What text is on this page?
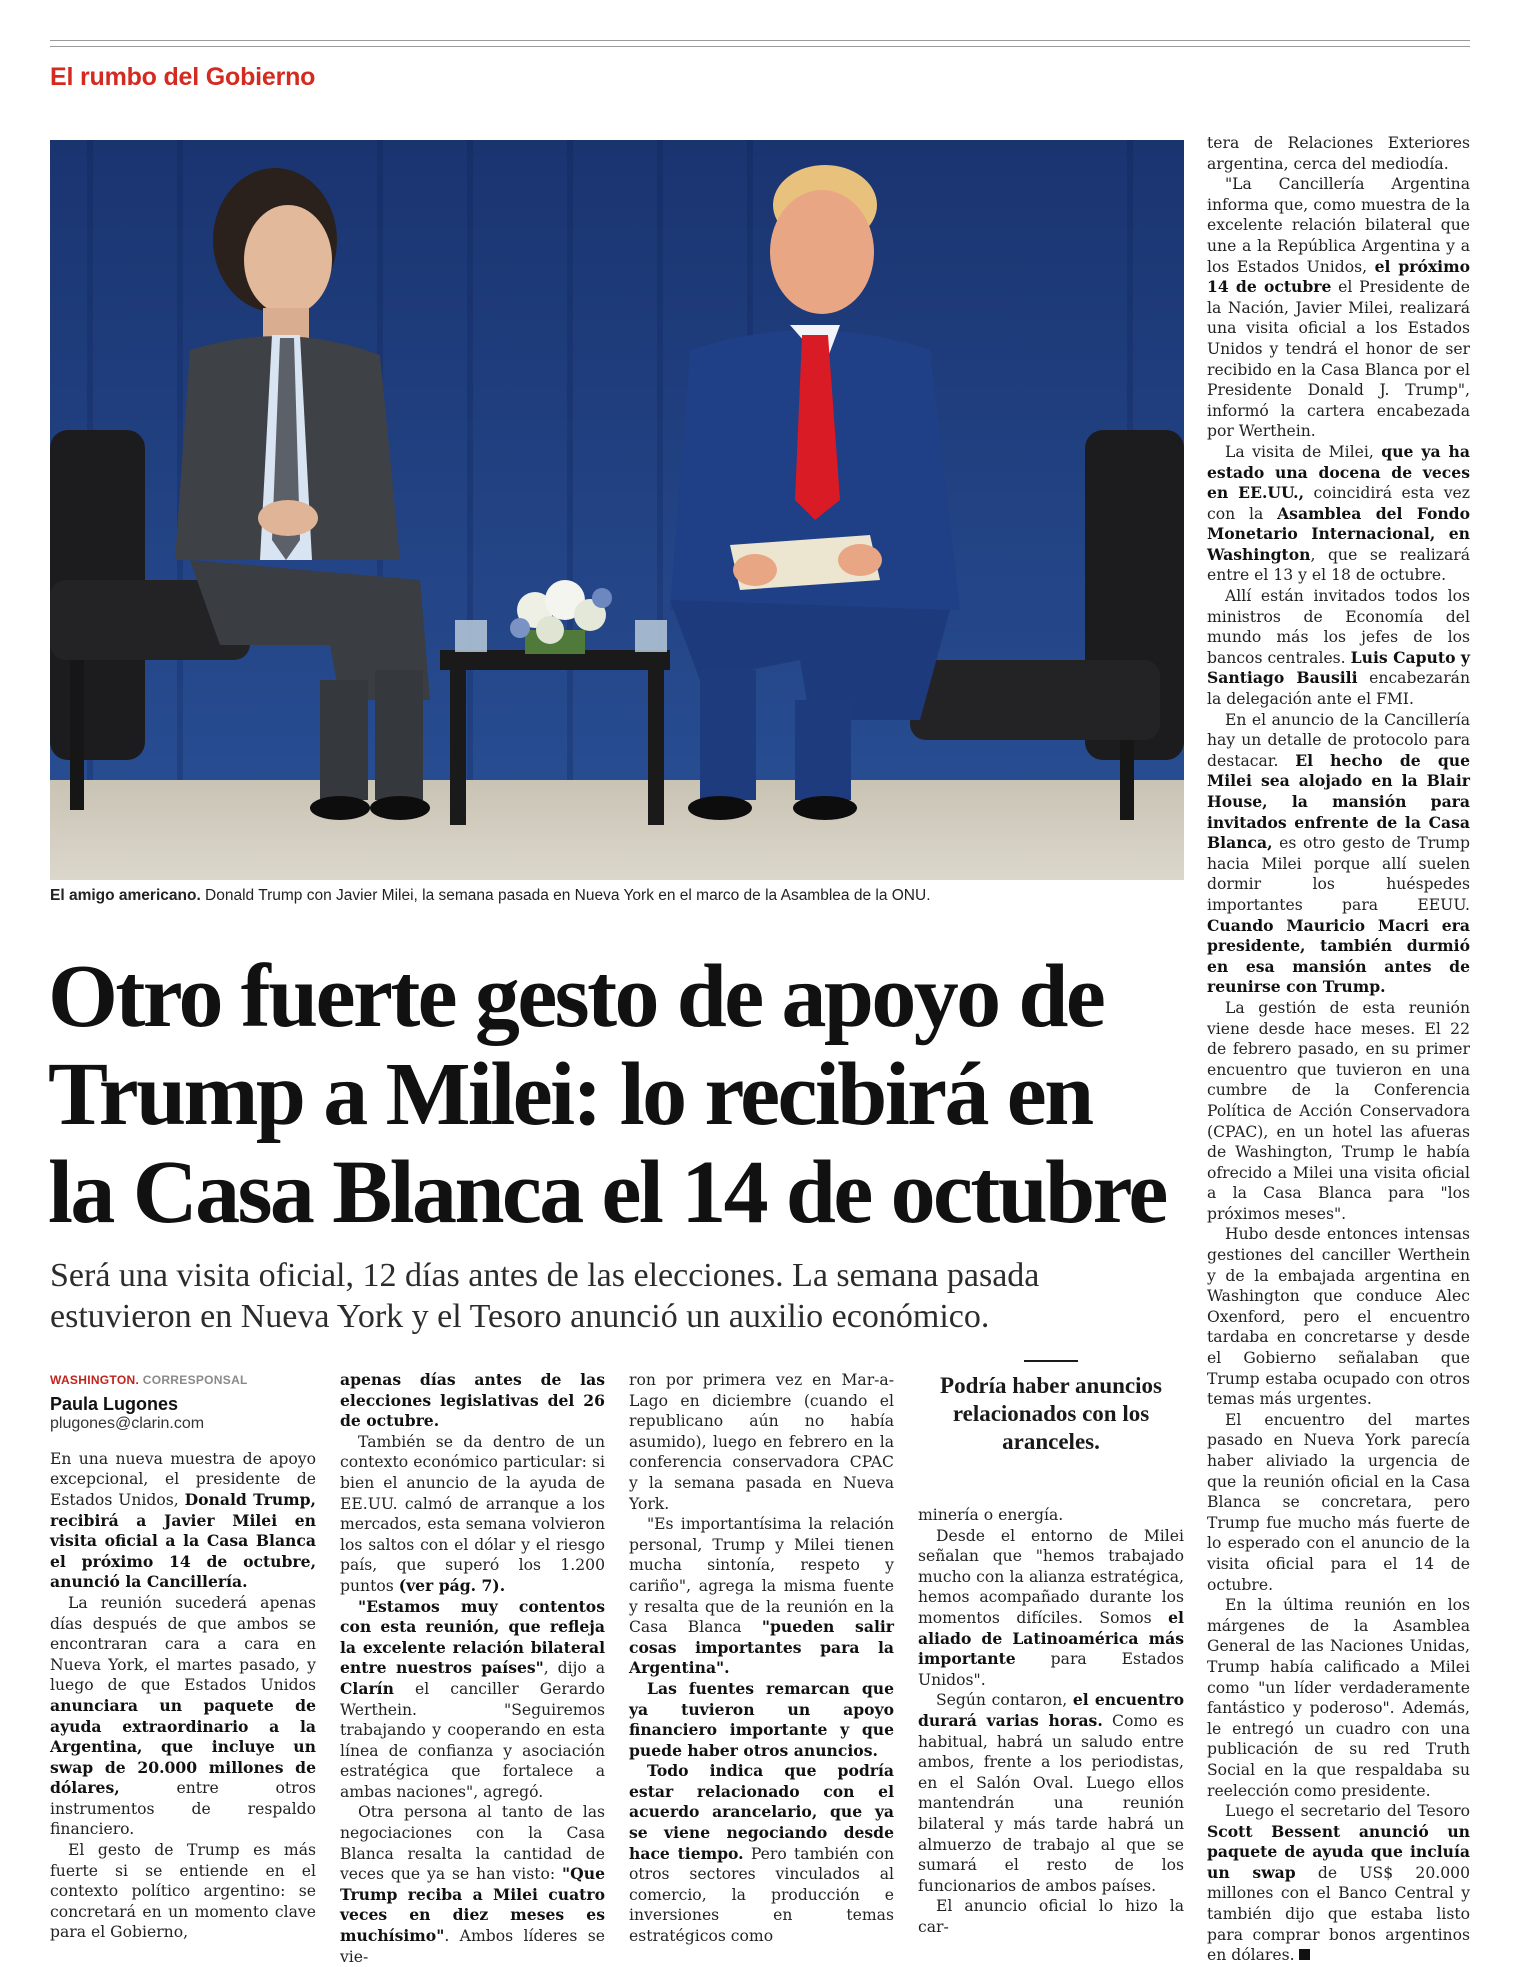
El rumbo del Gobierno
El amigo americano. Donald Trump con Javier Milei, la semana pasada en Nueva York en el marco de la Asamblea de la ONU.
Otro fuerte gesto de apoyo de
Trump a Milei: lo recibirá en
la Casa Blanca el 14 de octubre
Será una visita oficial, 12 días antes de las elecciones. La semana pasada
estuvieron en Nueva York y el Tesoro anunció un auxilio económico.
WASHINGTON. CORRESPONSAL
Paula Lugones
plugones@clarin.com

En una nueva muestra de apoyo excepcional, el presidente de Estados Unidos, Donald Trump, recibirá a Javier Milei en visita oficial a la Casa Blanca el próximo 14 de octubre, anunció la Cancillería.

La reunión sucederá apenas días después de que ambos se encontraran cara a cara en Nueva York, el martes pasado, y luego de que Estados Unidos anunciara un paquete de ayuda extraordinario a la Argentina, que incluye un swap de 20.000 millones de dólares, entre otros instrumentos de respaldo financiero.

El gesto de Trump es más fuerte si se entiende en el contexto político argentino: se concretará en un momento clave para el Gobierno,

apenas días antes de las elecciones legislativas del 26 de octubre.

También se da dentro de un contexto económico particular: si bien el anuncio de la ayuda de EE.UU. calmó de arranque a los mercados, esta semana volvieron los saltos con el dólar y el riesgo país, que superó los 1.200 puntos (ver pág. 7).

"Estamos muy contentos con esta reunión, que refleja la excelente relación bilateral entre nuestros países", dijo a Clarín el canciller Gerardo Werthein. "Seguiremos trabajando y cooperando en esta línea de confianza y asociación estratégica que fortalece a ambas naciones", agregó.

Otra persona al tanto de las negociaciones con la Casa Blanca resalta la cantidad de veces que ya se han visto: "Que Trump reciba a Milei cuatro veces en diez meses es muchísimo". Ambos líderes se vie-

ron por primera vez en Mar-a-Lago en diciembre (cuando el republicano aún no había asumido), luego en febrero en la conferencia conservadora CPAC y la semana pasada en Nueva York.

"Es importantísima la relación personal, Trump y Milei tienen mucha sintonía, respeto y cariño", agrega la misma fuente y resalta que de la reunión en la Casa Blanca "pueden salir cosas importantes para la Argentina".

Las fuentes remarcan que ya tuvieron un apoyo financiero importante y que puede haber otros anuncios.

Todo indica que podría estar relacionado con el acuerdo arancelario, que ya se viene negociando desde hace tiempo. Pero también con otros sectores vinculados al comercio, la producción e inversiones en temas estratégicos como

Podría haber anuncios relacionados con los aranceles.

minería o energía.

Desde el entorno de Milei señalan que "hemos trabajado mucho con la alianza estratégica, hemos acompañado durante los momentos difíciles. Somos el aliado de Latinoamérica más importante para Estados Unidos".

Según contaron, el encuentro durará varias horas. Como es habitual, habrá un saludo entre ambos, frente a los periodistas, en el Salón Oval. Luego ellos mantendrán una reunión bilateral y más tarde habrá un almuerzo de trabajo al que se sumará el resto de los funcionarios de ambos países.

El anuncio oficial lo hizo la car-

tera de Relaciones Exteriores argentina, cerca del mediodía.

"La Cancillería Argentina informa que, como muestra de la excelente relación bilateral que une a la República Argentina y a los Estados Unidos, el próximo 14 de octubre el Presidente de la Nación, Javier Milei, realizará una visita oficial a los Estados Unidos y tendrá el honor de ser recibido en la Casa Blanca por el Presidente Donald J. Trump", informó la cartera encabezada por Werthein.

La visita de Milei, que ya ha estado una docena de veces en EE.UU., coincidirá esta vez con la Asamblea del Fondo Monetario Internacional, en Washington, que se realizará entre el 13 y el 18 de octubre.

Allí están invitados todos los ministros de Economía del mundo más los jefes de los bancos centrales. Luis Caputo y Santiago Bausili encabezarán la delegación ante el FMI.

En el anuncio de la Cancillería hay un detalle de protocolo para destacar. El hecho de que Milei sea alojado en la Blair House, la mansión para invitados enfrente de la Casa Blanca, es otro gesto de Trump hacia Milei porque allí suelen dormir los huéspedes importantes para EEUU. Cuando Mauricio Macri era presidente, también durmió en esa mansión antes de reunirse con Trump.

La gestión de esta reunión viene desde hace meses. El 22 de febrero pasado, en su primer encuentro que tuvieron en una cumbre de la Conferencia Política de Acción Conservadora (CPAC), en un hotel las afueras de Washington, Trump le había ofrecido a Milei una visita oficial a la Casa Blanca para "los próximos meses".

Hubo desde entonces intensas gestiones del canciller Werthein y de la embajada argentina en Washington que conduce Alec Oxenford, pero el encuentro tardaba en concretarse y desde el Gobierno señalaban que Trump estaba ocupado con otros temas más urgentes.

El encuentro del martes pasado en Nueva York parecía haber aliviado la urgencia de que la reunión oficial en la Casa Blanca se concretara, pero Trump fue mucho más fuerte de lo esperado con el anuncio de la visita oficial para el 14 de octubre.

En la última reunión en los márgenes de la Asamblea General de las Naciones Unidas, Trump había calificado a Milei como "un líder verdaderamente fantástico y poderoso". Además, le entregó un cuadro con una publicación de su red Truth Social en la que respaldaba su reelección como presidente.

Luego el secretario del Tesoro Scott Bessent anunció un paquete de ayuda que incluía un swap de US$ 20.000 millones con el Banco Central y también dijo que estaba listo para comprar bonos argentinos en dólares.
